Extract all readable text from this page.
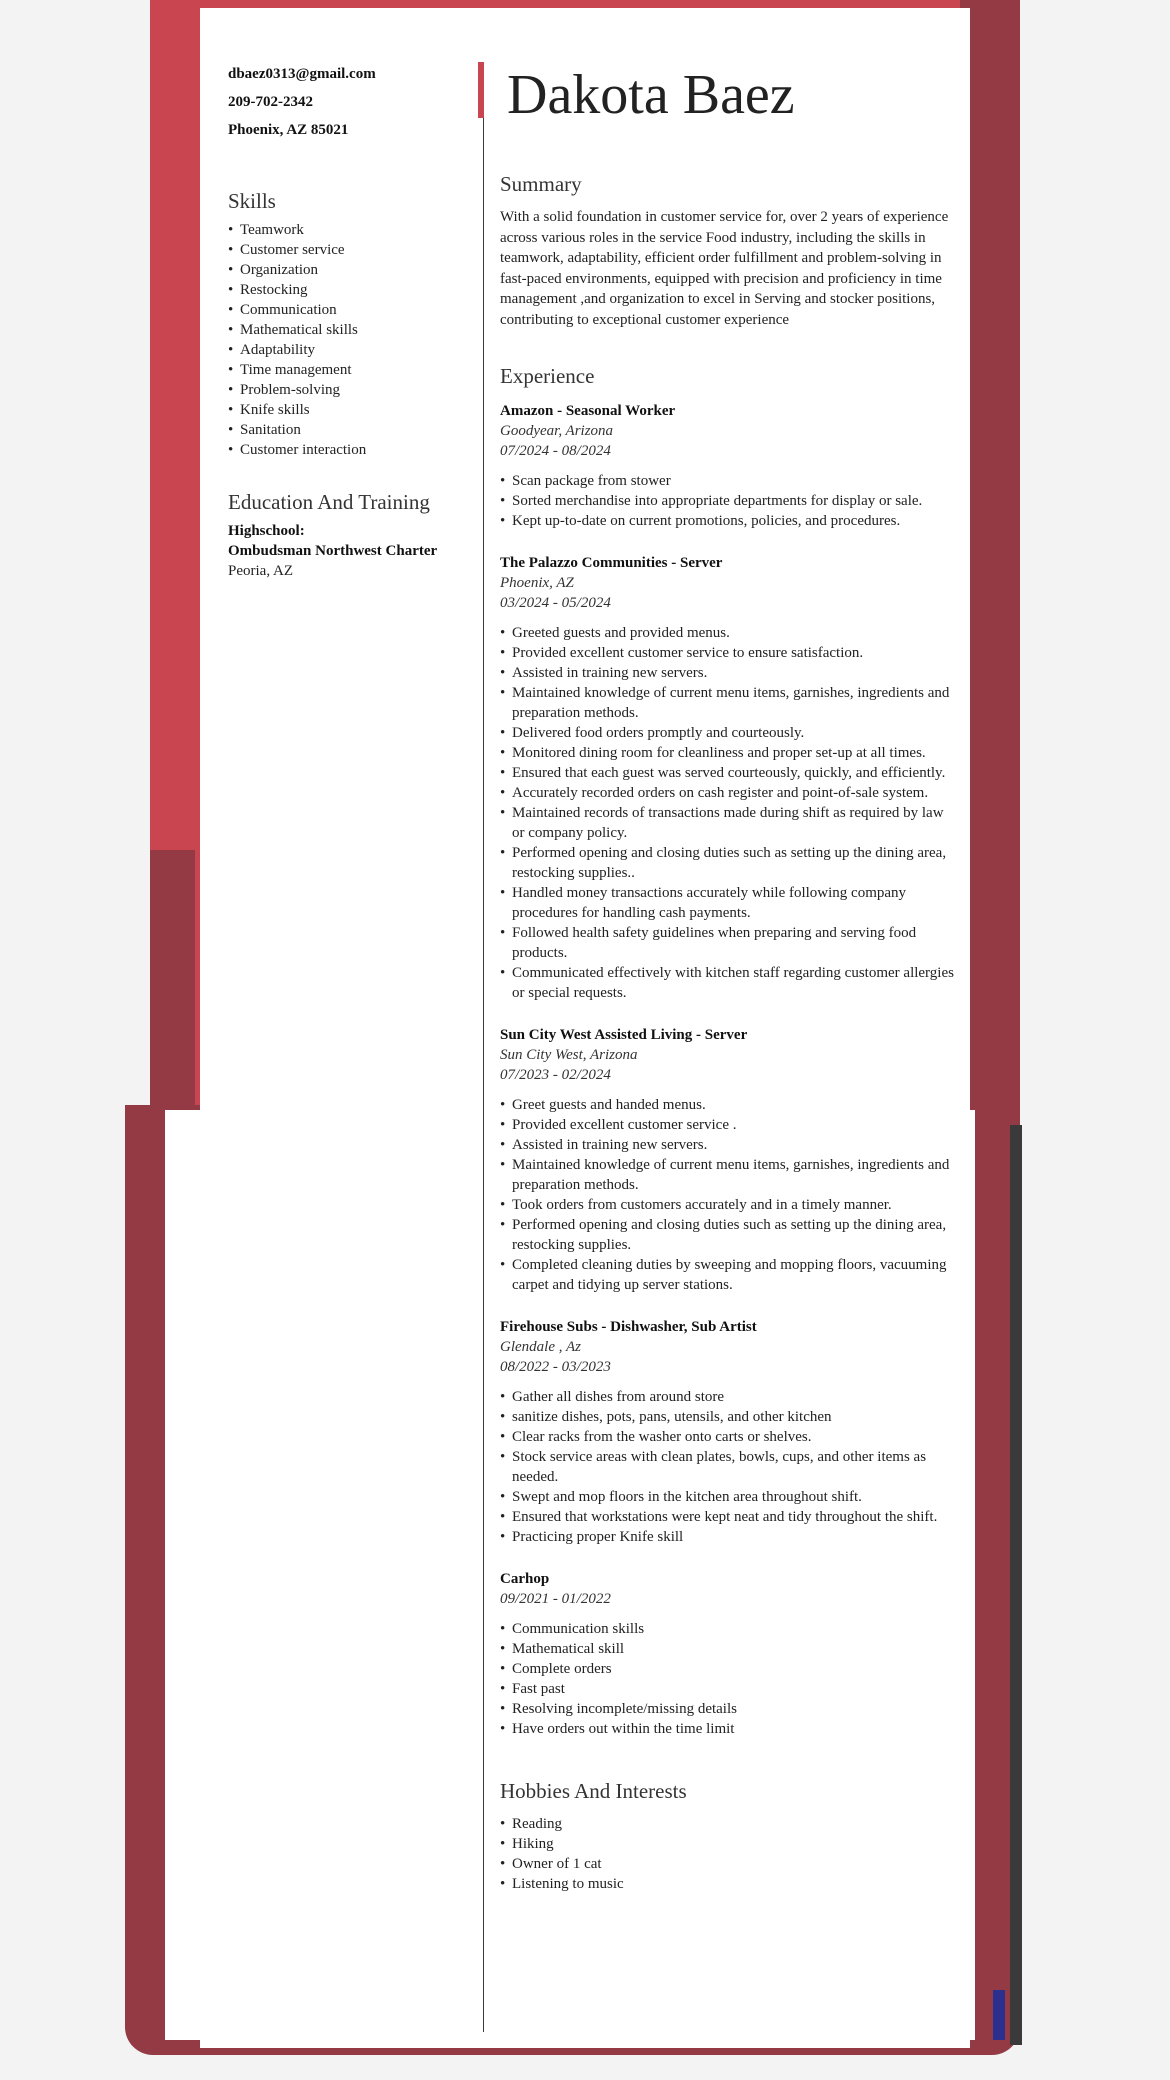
dbaez0313@gmail.com
209-702-2342
Phoenix, AZ 85021
Skills
• Teamwork
• Customer service
• Organization
• Restocking
• Communication
• Mathematical skills
• Adaptability
• Time management
• Problem-solving
• Knife skills
• Sanitation
• Customer interaction
Education And Training
Highschool:
Ombudsman Northwest Charter
Peoria, AZ
Dakota Baez
Summary

With a solid foundation in customer service for, over 2 years of experience across various roles in the service Food industry, including the skills in teamwork, adaptability, efficient order fulfillment and problem-solving in fast-paced environments, equipped with precision and proficiency in time management ,and organization to excel in Serving and stocker positions, contributing to exceptional customer experience

Experience
Amazon - Seasonal Worker
Goodyear, Arizona
07/2024 - 08/2024
• Scan package from stower
• Sorted merchandise into appropriate departments for display or sale.
• Kept up-to-date on current promotions, policies, and procedures.
The Palazzo Communities - Server
Phoenix, AZ
03/2024 - 05/2024
• Greeted guests and provided menus.
• Provided excellent customer service to ensure satisfaction.
• Assisted in training new servers.
• Maintained knowledge of current menu items, garnishes, ingredients and preparation methods.
• Delivered food orders promptly and courteously.
• Monitored dining room for cleanliness and proper set-up at all times.
• Ensured that each guest was served courteously, quickly, and efficiently.
• Accurately recorded orders on cash register and point-of-sale system.
• Maintained records of transactions made during shift as required by law or company policy.
• Performed opening and closing duties such as setting up the dining area, restocking supplies..
• Handled money transactions accurately while following company procedures for handling cash payments.
• Followed health safety guidelines when preparing and serving food products.
• Communicated effectively with kitchen staff regarding customer allergies or special requests.
Sun City West Assisted Living - Server
Sun City West, Arizona
07/2023 - 02/2024
• Greet guests and handed menus.
• Provided excellent customer service .
• Assisted in training new servers.
• Maintained knowledge of current menu items, garnishes, ingredients and preparation methods.
• Took orders from customers accurately and in a timely manner.
• Performed opening and closing duties such as setting up the dining area, restocking supplies.
• Completed cleaning duties by sweeping and mopping floors, vacuuming carpet and tidying up server stations.
Firehouse Subs - Dishwasher, Sub Artist
Glendale , Az
08/2022 - 03/2023
• Gather all dishes from around store
• sanitize dishes, pots, pans, utensils, and other kitchen
• Clear racks from the washer onto carts or shelves.
• Stock service areas with clean plates, bowls, cups, and other items as needed.
• Swept and mop floors in the kitchen area throughout shift.
• Ensured that workstations were kept neat and tidy throughout the shift.
• Practicing proper Knife skill
Carhop
09/2021 - 01/2022
• Communication skills
• Mathematical skill
• Complete orders
• Fast past
• Resolving incomplete/missing details
• Have orders out within the time limit
Hobbies And Interests
• Reading
• Hiking
• Owner of 1 cat
• Listening to music
